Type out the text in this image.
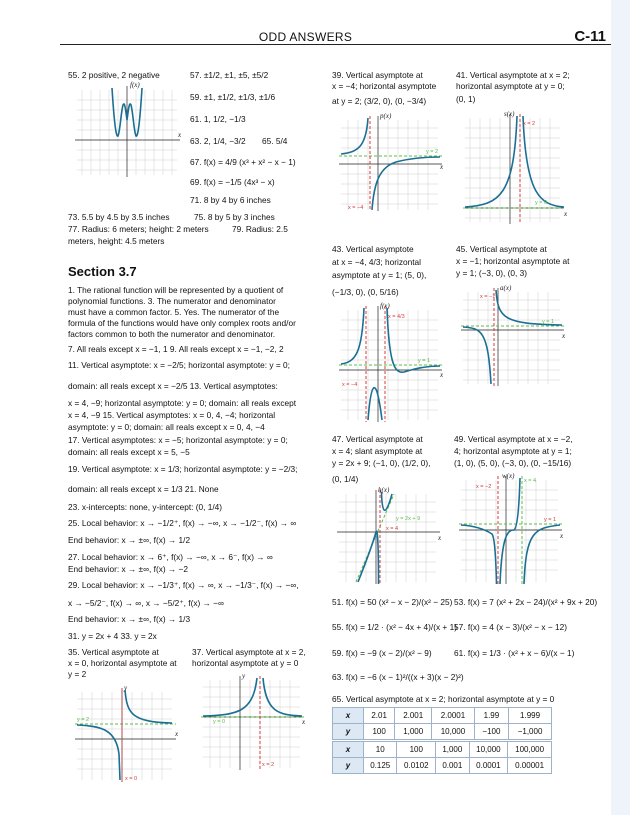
ODD ANSWERS	C-11
55. 2 positive, 2 negative	57. ±1/2, ±1, ±5, ±5/2
59. ±1, ±1/2, ±1/3, ±1/6
61. 1, 1/2, −1/3
63. 2, 1/4, −3/2 65. 5/4
67. f(x) = 4/9 (x³ + x² − x − 1)
69. f(x) = −1/5 (4x³ − x)
71. 8 by 4 by 6 inches
f(x)
x
73. 5.5 by 4.5 by 3.5 inches	75. 8 by 5 by 3 inches
77. Radius: 6 meters; height: 2 meters	79. Radius: 2.5
meters, height: 4.5 meters
Section 3.7
1. The rational function will be represented by a quotient of
polynomial functions. 3. The numerator and denominator
must have a common factor. 5. Yes. The numerator of the
formula of the functions would have only complex roots and/or
factors common to both the numerator and denominator.
7. All reals except x = −1, 1 9. All reals except x = −1, −2, 2
11. Vertical asymptote: x = −2/5; horizontal asymptote: y = 0;
domain: all reals except x = −2/5 13. Vertical asymptotes:
x = 4, −9; horizontal asymptote: y = 0; domain: all reals except
x = 4, −9 15. Vertical asymptotes: x = 0, 4, −4; horizontal
asymptote: y = 0; domain: all reals except x = 0, 4, −4
17. Vertical asymptotes: x = −5; horizontal asymptote: y = 0;
domain: all reals except x = 5, −5
19. Vertical asymptote: x = 1/3; horizontal asymptote: y = −2/3;
domain: all reals except x = 1/3 21. None
23. x-intercepts: none, y-intercept: (0, 1/4)
25. Local behavior: x → −1/2⁺, f(x) → −∞, x → −1/2⁻, f(x) → ∞
End behavior: x → ±∞, f(x) → 1/2
27. Local behavior: x → 6⁺, f(x) → −∞, x → 6⁻, f(x) → ∞
End behavior: x → ±∞, f(x) → −2
29. Local behavior: x → −1/3⁺, f(x) → ∞, x → −1/3⁻, f(x) → −∞,
x → −5/2⁻, f(x) → ∞, x → −5/2⁺, f(x) → −∞
End behavior: x → ±∞, f(x) → 1/3
31. y = 2x + 4 33. y = 2x
35. Vertical asymptote at
x = 0, horizontal asymptote at
y = 2
37. Vertical asymptote at x = 2,
horizontal asymptote at y = 0
y
x
y = 2
x = 0
y
x
y = 0
x = 2
39. Vertical asymptote at
x = −4; horizontal asymptote
at y = 2; (3/2, 0), (0, −3/4)
41. Vertical asymptote at x = 2;
horizontal asymptote at y = 0;
(0, 1)
p(x)
x
y = 2
x = −4
s(x)
x
y = 0
x = 2
43. Vertical asymptote
at x = −4, 4/3; horizontal
asymptote at y = 1; (5, 0),
(−1/3, 0), (0, 5/16)
45. Vertical asymptote at
x = −1; horizontal asymptote at
y = 1; (−3, 0), (0, 3)
f(x)
x
y = 1
x = −4
x = 4/3
a(x)
x
y = 1
x = −1
47. Vertical asymptote at
x = 4; slant asymptote at
y = 2x + 9; (−1, 0), (1/2, 0),
(0, 1/4)
49. Vertical asymptote at x = −2,
4; horizontal asymptote at y = 1;
(1, 0), (5, 0), (−3, 0), (0, −15/16)
h(x)
x
y = 2x + 9
x = 4
w(x)
x
y = 1
x = −2
x = 4
51. f(x) = 50 (x² − x − 2)/(x² − 25) 53. f(x) = 7 (x² + 2x − 24)/(x² + 9x + 20)
55. f(x) = 1/2 · (x² − 4x + 4)/(x + 1)
57. f(x) = 4 (x − 3)/(x² − x − 12)
59. f(x) = −9 (x − 2)/(x² − 9)	61. f(x) = 1/3 · (x² + x − 6)/(x − 1)
63. f(x) = −6 (x − 1)²/((x + 3)(x − 2)²)
65. Vertical asymptote at x = 2; horizontal asymptote at y = 0
x	2.01	2.001	2.0001	1.99	1.999
y	100	1,000	10,000	−100	−1,000
x	10	100	1,000	10,000	100,000
y	0.125	0.0102	0.001	0.0001	0.00001
